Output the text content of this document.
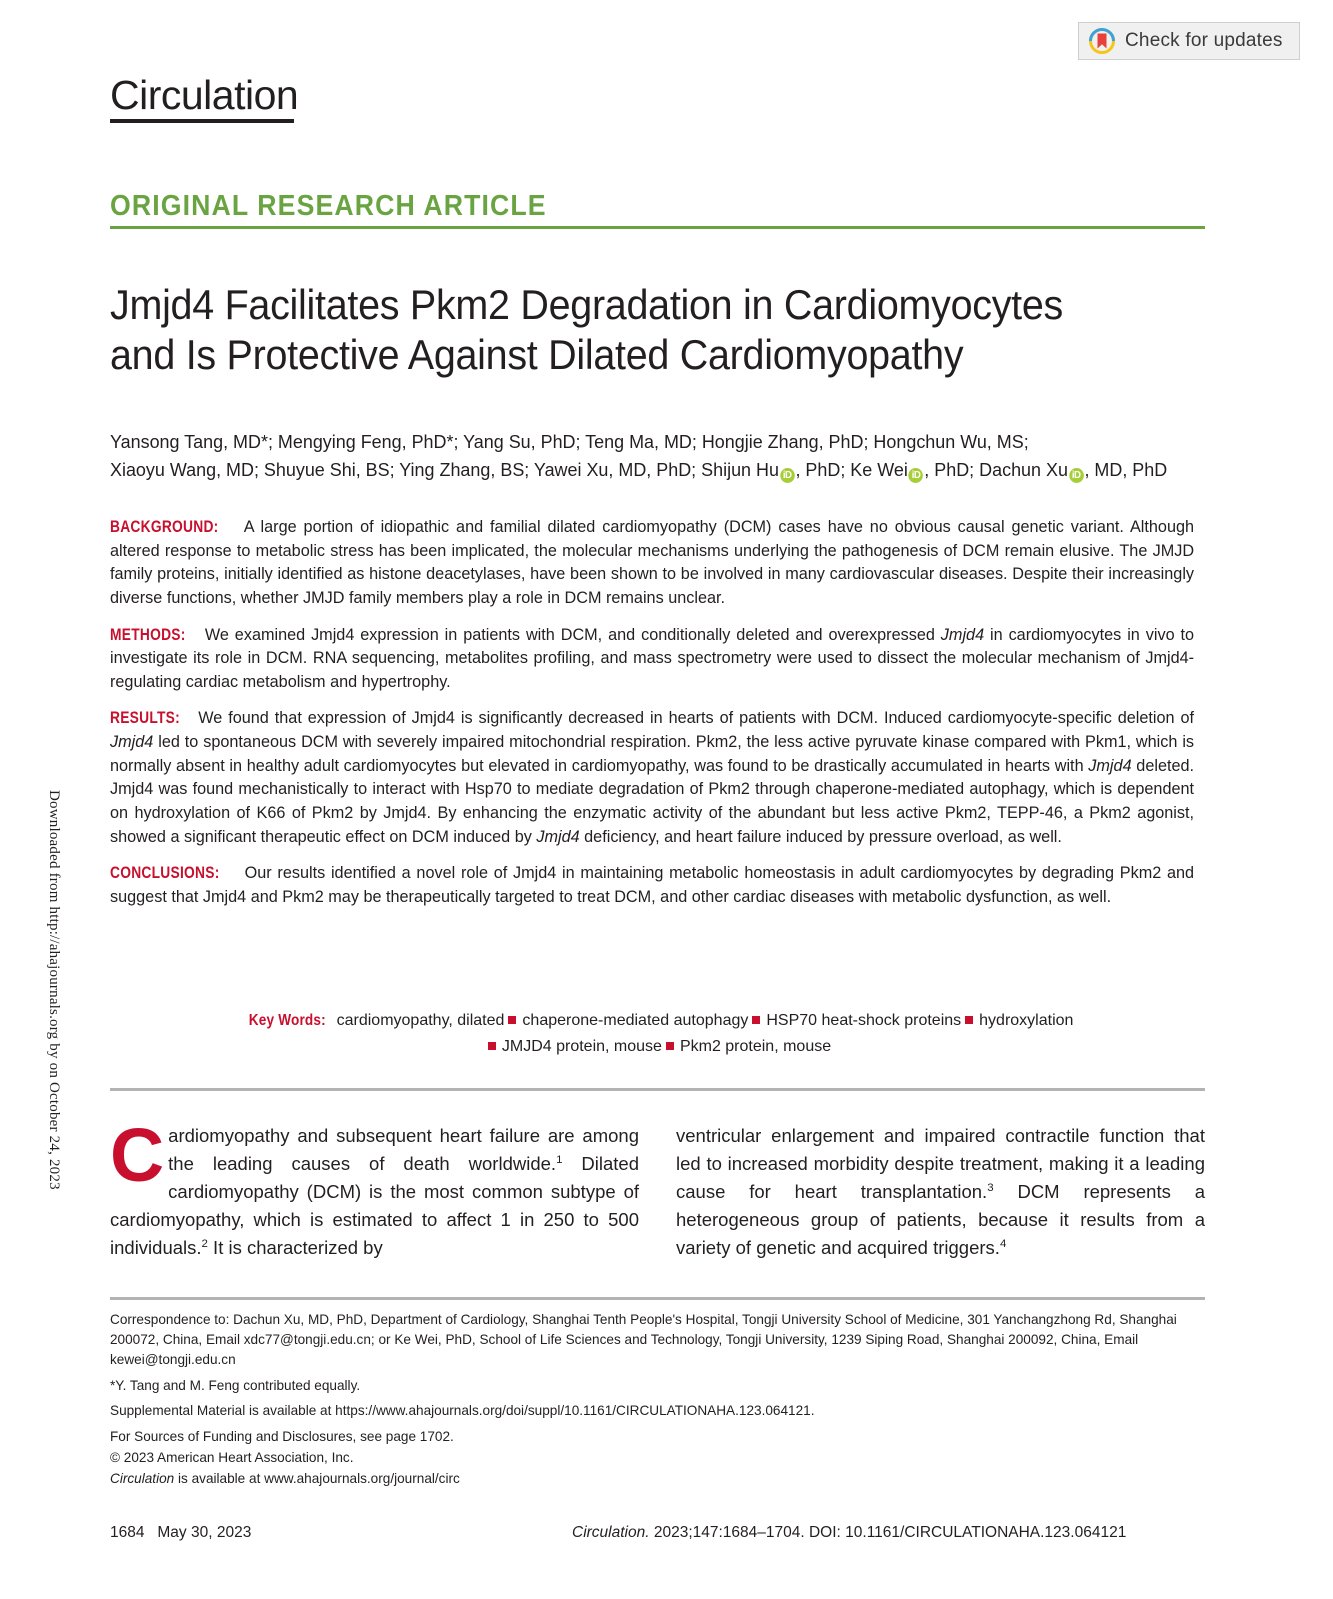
Check for updates
Circulation
ORIGINAL RESEARCH ARTICLE
Jmjd4 Facilitates Pkm2 Degradation in Cardiomyocytes and Is Protective Against Dilated Cardiomyopathy
Yansong Tang, MD*; Mengying Feng, PhD*; Yang Su, PhD; Teng Ma, MD; Hongjie Zhang, PhD; Hongchun Wu, MS;
Xiaoyu Wang, MD; Shuyue Shi, BS; Ying Zhang, BS; Yawei Xu, MD, PhD; Shijun Hu iD , PhD; Ke Wei iD , PhD; Dachun Xu iD , MD, PhD

BACKGROUND: A large portion of idiopathic and familial dilated cardiomyopathy (DCM) cases have no obvious causal genetic variant. Although altered response to metabolic stress has been implicated, the molecular mechanisms underlying the pathogenesis of DCM remain elusive. The JMJD family proteins, initially identified as histone deacetylases, have been shown to be involved in many cardiovascular diseases. Despite their increasingly diverse functions, whether JMJD family members play a role in DCM remains unclear.

METHODS: We examined Jmjd4 expression in patients with DCM, and conditionally deleted and overexpressed Jmjd4 in cardiomyocytes in vivo to investigate its role in DCM. RNA sequencing, metabolites profiling, and mass spectrometry were used to dissect the molecular mechanism of Jmjd4-regulating cardiac metabolism and hypertrophy.

RESULTS: We found that expression of Jmjd4 is significantly decreased in hearts of patients with DCM. Induced cardiomyocyte-specific deletion of Jmjd4 led to spontaneous DCM with severely impaired mitochondrial respiration. Pkm2, the less active pyruvate kinase compared with Pkm1, which is normally absent in healthy adult cardiomyocytes but elevated in cardiomyopathy, was found to be drastically accumulated in hearts with Jmjd4 deleted. Jmjd4 was found mechanistically to interact with Hsp70 to mediate degradation of Pkm2 through chaperone-mediated autophagy, which is dependent on hydroxylation of K66 of Pkm2 by Jmjd4. By enhancing the enzymatic activity of the abundant but less active Pkm2, TEPP-46, a Pkm2 agonist, showed a significant therapeutic effect on DCM induced by Jmjd4 deficiency, and heart failure induced by pressure overload, as well.

CONCLUSIONS: Our results identified a novel role of Jmjd4 in maintaining metabolic homeostasis in adult cardiomyocytes by degrading Pkm2 and suggest that Jmjd4 and Pkm2 may be therapeutically targeted to treat DCM, and other cardiac diseases with metabolic dysfunction, as well.

Key Words: cardiomyopathy, dilated chaperone-mediated autophagy HSP70 heat-shock proteins hydroxylation
JMJD4 protein, mouse Pkm2 protein, mouse

Cardiomyopathy and subsequent heart failure are among the leading causes of death worldwide.$^1$ Dilated cardiomyopathy (DCM) is the most common subtype of cardiomyopathy, which is estimated to affect 1 in 250 to 500 individuals.$^2$ It is characterized by

ventricular enlargement and impaired contractile function that led to increased morbidity despite treatment, making it a leading cause for heart transplantation.$^3$ DCM represents a heterogeneous group of patients, because it results from a variety of genetic and acquired triggers.$^4$

Correspondence to: Dachun Xu, MD, PhD, Department of Cardiology, Shanghai Tenth People's Hospital, Tongji University School of Medicine, 301 Yanchangzhong Rd, Shanghai 200072, China, Email xdc77@tongji.edu.cn; or Ke Wei, PhD, School of Life Sciences and Technology, Tongji University, 1239 Siping Road, Shanghai 200092, China, Email kewei@tongji.edu.cn

*Y. Tang and M. Feng contributed equally.

Supplemental Material is available at https://www.ahajournals.org/doi/suppl/10.1161/CIRCULATIONAHA.123.064121.

For Sources of Funding and Disclosures, see page 1702.

© 2023 American Heart Association, Inc.

Circulation is available at www.ahajournals.org/journal/circ

1684   May 30, 2023	Circulation. 2023;147:1684–1704. DOI: 10.1161/CIRCULATIONAHA.123.064121
Downloaded from http://ahajournals.org by on October 24, 2023
